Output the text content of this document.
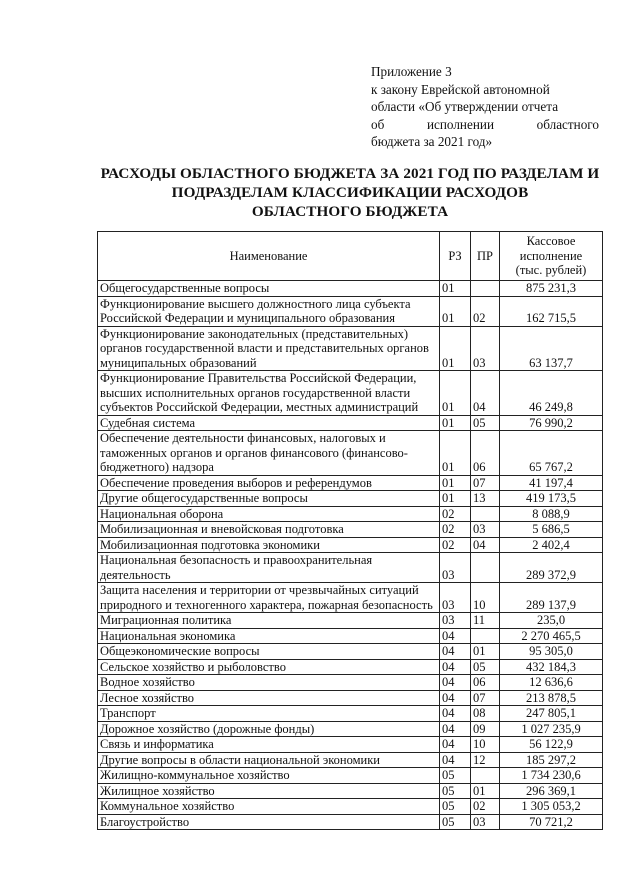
Приложение 3
к закону Еврейской автономной
области «Об утверждении отчета
об исполнении областного
бюджета за 2021 год»
РАСХОДЫ ОБЛАСТНОГО БЮДЖЕТА ЗА 2021 ГОД ПО РАЗДЕЛАМ И
ПОДРАЗДЕЛАМ КЛАССИФИКАЦИИ РАСХОДОВ
ОБЛАСТНОГО БЮДЖЕТА
Наименование	РЗ	ПР	Кассовое
исполнение
(тыс. рублей)

Общегосударственные вопросы	01		875 231,3
Функционирование высшего должностного лица субъекта Российской Федерации и муниципального образования	01	02	162 715,5
Функционирование законодательных (представительных) органов государственной власти и представительных органов муниципальных образований	01	03	63 137,7
Функционирование Правительства Российской Федерации, высших исполнительных органов государственной власти субъектов Российской Федерации, местных администраций	01	04	46 249,8
Судебная система	01	05	76 990,2
Обеспечение деятельности финансовых, налоговых и таможенных органов и органов финансового (финансово-бюджетного) надзора	01	06	65 767,2
Обеспечение проведения выборов и референдумов	01	07	41 197,4
Другие общегосударственные вопросы	01	13	419 173,5
Национальная оборона	02		8 088,9
Мобилизационная и вневойсковая подготовка	02	03	5 686,5
Мобилизационная подготовка экономики	02	04	2 402,4
Национальная безопасность и правоохранительная деятельность	03		289 372,9
Защита населения и территории от чрезвычайных ситуаций природного и техногенного характера, пожарная безопасность	03	10	289 137,9
Миграционная политика	03	11	235,0
Национальная экономика	04		2 270 465,5
Общеэкономические вопросы	04	01	95 305,0
Сельское хозяйство и рыболовство	04	05	432 184,3
Водное хозяйство	04	06	12 636,6
Лесное хозяйство	04	07	213 878,5
Транспорт	04	08	247 805,1
Дорожное хозяйство (дорожные фонды)	04	09	1 027 235,9
Связь и информатика	04	10	56 122,9
Другие вопросы в области национальной экономики	04	12	185 297,2
Жилищно-коммунальное хозяйство	05		1 734 230,6
Жилищное хозяйство	05	01	296 369,1
Коммунальное хозяйство	05	02	1 305 053,2
Благоустройство	05	03	70 721,2
